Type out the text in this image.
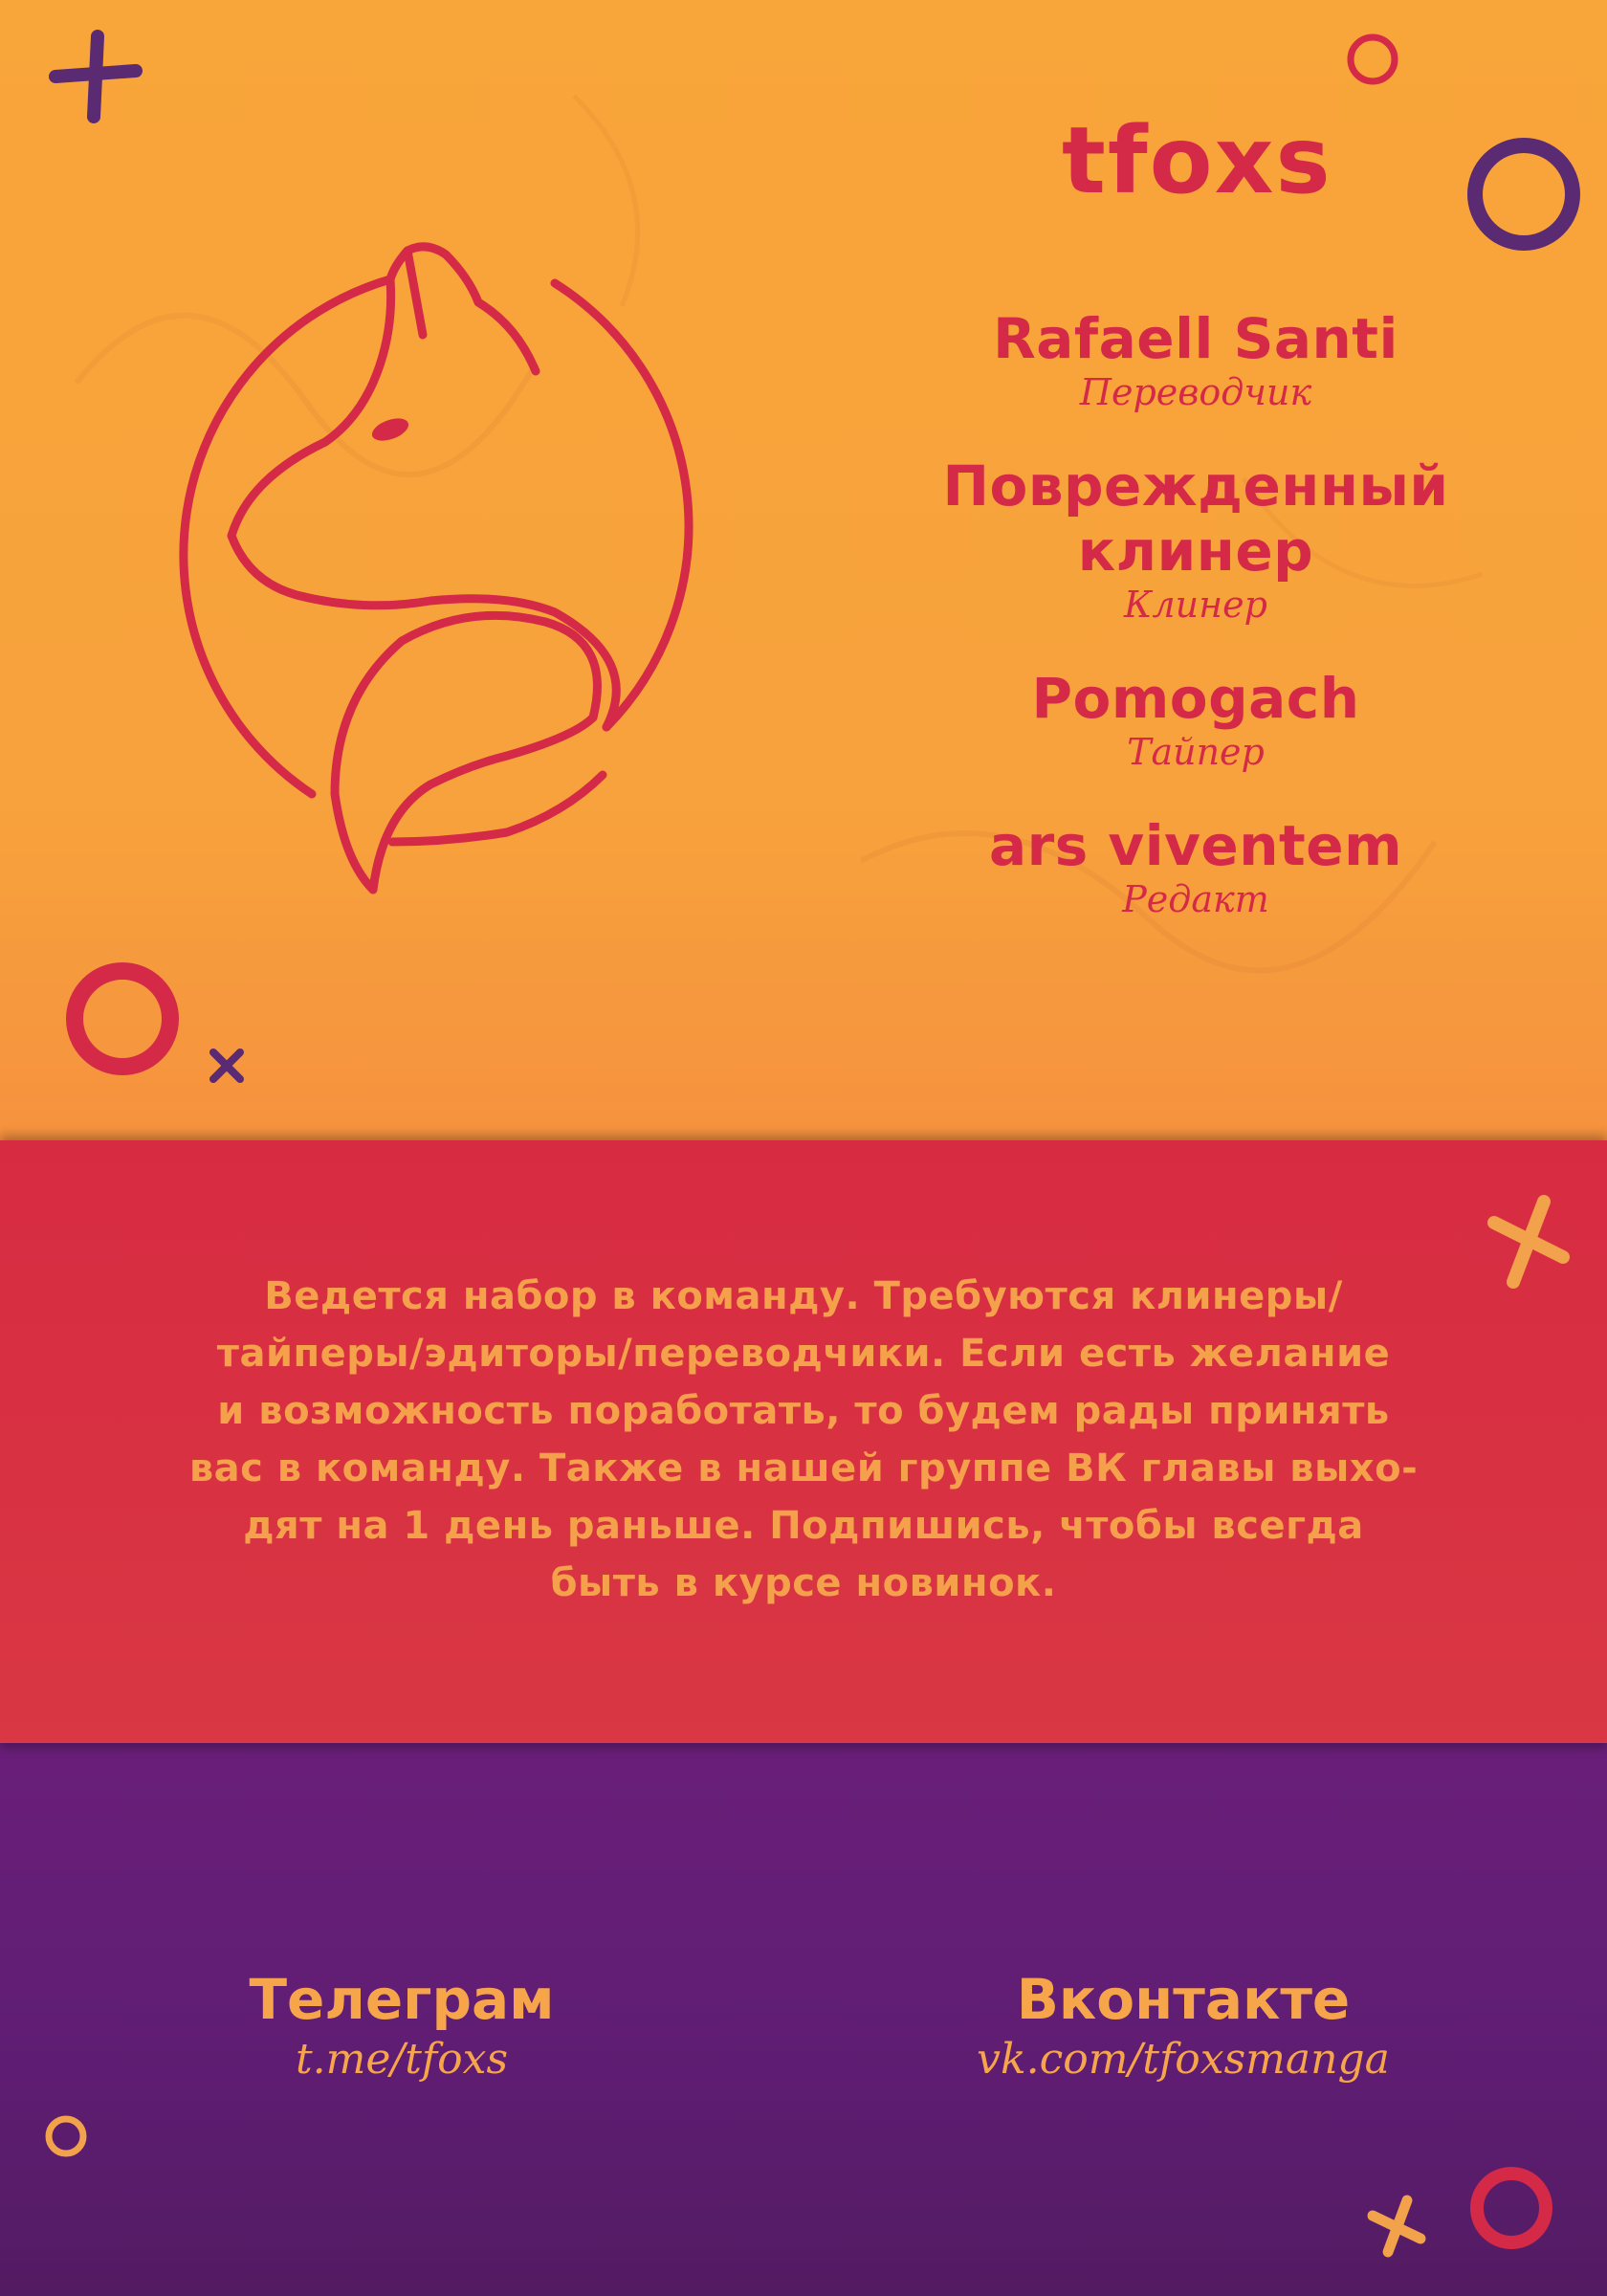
tfoxs
Rafaell Santi
Переводчик
Поврежденный клинер
Клинер
Pomogach
Тайпер
ars viventem
Редакт
Ведется набор в команду. Требуются клинеры/
тайперы/эдиторы/переводчики. Если есть желание
и возможность поработать, то будем рады принять
вас в команду. Также в нашей группе ВК главы выхо-
дят на 1 день раньше. Подпишись, чтобы всегда
быть в курсе новинок.
Телеграм
t.me/tfoxs
Вконтакте
vk.com/tfoxsmanga
